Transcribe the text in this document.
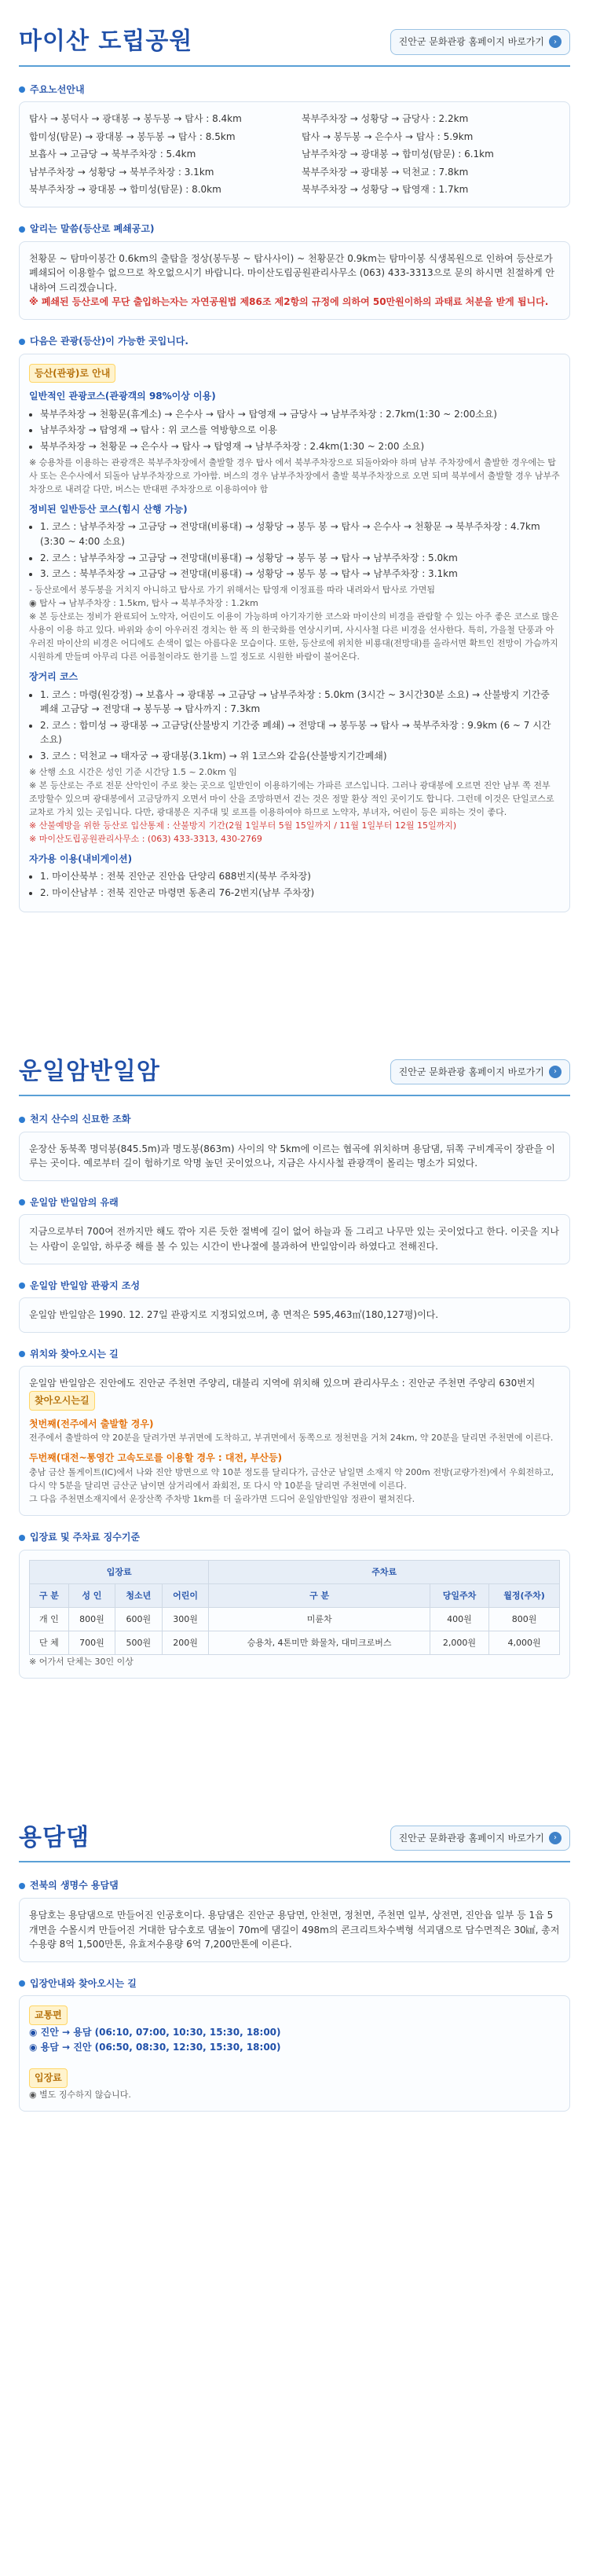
마이산 도립공원	진안군 문화관광 홈페이지 바로가기	›
주요노선안내
탑사 → 봉덕사 → 광대봉 → 봉두봉 → 탑사 : 8.4km	북부주차장 → 성황당 → 금당사 : 2.2km
합미성(탐문) → 광대봉 → 봉두봉 → 탑사 : 8.5km	탑사 → 봉두봉 → 은수사 → 탑사 : 5.9km
보흡사 → 고금당 → 북부주차장 : 5.4km	남부주차장 → 광대봉 → 합미성(탐문) : 6.1km
남부주차장 → 성황당 → 북부주차장 : 3.1km	북부주차장 → 광대봉 → 덕천교 : 7.8km
북부주차장 → 광대봉 → 합미성(탐문) : 8.0km	북부주차장 → 성황당 → 탑영재 : 1.7km
알리는 말씀(등산로 폐쇄공고)
천황문 ~ 탐마이봉간 0.6km의 출탑을 정상(봉두봉 ~ 탑사사이) ~ 천황문간 0.9km는 탐마이봉 식생복원으로 인하여 등산로가 폐쇄되어 이용할수 없으므로 착오없으시기 바랍니다. 마이산도립공원관리사무소 (063) 433-3313으로 문의 하시면 친절하게 안내하여 드리겠습니다.
※ 폐쇄된 등산로에 무단 출입하는자는 자연공원법 제86조 제2항의 규정에 의하여 50만원이하의 과태료 처분을 받게 됩니다.
다음은 관광(등산)이 가능한 곳입니다.
등산(관광)로 안내
일반적인 관광코스(관광객의 98%이상 이용)
• 북부주차장 → 천황문(휴게소) → 은수사 → 탑사 → 탑영재 → 금당사 → 남부주차장 : 2.7km(1:30 ~ 2:00소요)
• 남부주차장 → 탑영재 → 탑사 : 위 코스를 역방향으로 이용
• 북부주차장 → 천황문 → 은수사 → 탑사 → 탑영재 → 남부주차장 : 2.4km(1:30 ~ 2:00 소요)
※ 승용차를 이용하는 관광객은 북부주차장에서 출발할 경우 탑사 에서 북부주차장으로 되돌아와야 하며 남부 주차장에서 출발한 경우에는 탑사 또는 은수사에서 되돌아 남부주차장으로 가야함. 버스의 경우 남부주차장에서 출발 북부주차장으로 오면 되며 북부에서 출발할 경우 남부주차장으로 내려갈 다만, 버스는 반대편 주차장으로 이용하여야 함
정비된 일반등산 코스(힘시 산행 가능)
• 1. 코스 : 남부주차장 → 고금당 → 전망대(비룡대) → 성황당 → 봉두 봉 → 탑사 → 은수사 → 천황문 → 북부주차장 : 4.7km (3:30 ~ 4:00 소요)
• 2. 코스 : 남부주차장 → 고금당 → 전망대(비룡대) → 성황당 → 봉두 봉 → 탑사 → 남부주차장 : 5.0km
• 3. 코스 : 북부주차장 → 고금당 → 전망대(비룡대) → 성황당 → 봉두 봉 → 탑사 → 남부주차장 : 3.1km
- 등산로에서 봉두봉을 거치지 아니하고 탑사로 가기 위해서는 탐영재 이정표를 따라 내려와서 탑사로 가면됨
◉ 탑사 → 남부주차장 : 1.5km, 탑사 → 북부주차장 : 1.2km
※ 본 등산로는 정비가 완료되어 노약자, 어린이도 이용이 가능하며 아기자기한 코스와 마이산의 비경을 관람할 수 있는 아주 좋은 코스로 많은 사용이 이용 하고 있다. 바위와 송이 아우러진 경치는 한 폭 의 한국화를 연상시키며, 사시사철 다른 비경을 선사한다. 특히, 가을철 단풍과 아우러진 마이산의 비경은 어디에도 손색이 없는 아름다운 모습이다. 또한, 등산로에 위치한 비룡대(전망대)를 올라서면 확트인 전망이 가슴까지 시원하게 만들며 아무리 다른 어름철이라도 한기를 느낄 정도로 시원한 바람이 불어온다.
장거리 코스
• 1. 코스 : 마령(원강정) → 보흡사 → 광대봉 → 고금당 → 남부주차장 : 5.0km (3시간 ~ 3시간30분 소요) → 산불방지 기간중 폐쇄 고금당 → 전망대 → 봉두봉 → 탑사까지 : 7.3km
• 2. 코스 : 합미성 → 광대봉 → 고금당(산불방지 기간중 폐쇄) → 전망대 → 봉두봉 → 탑사 → 북부주차장 : 9.9km (6 ~ 7 시간 소요)
• 3. 코스 : 덕천교 → 태자궁 → 광대봉(3.1km) → 위 1코스와 같음(산불방지기간폐쇄)
※ 산행 소요 시간은 성인 기준 시간당 1.5 ~ 2.0km 임
※ 본 등산로는 주로 전문 산악인이 주로 찾는 곳으로 일반인이 이용하기에는 가파른 코스입니다. 그러나 광대봉에 오르면 진안 남부 쪽 전부 조망할수 있으며 광대봉에서 고금당까지 오면서 마이 산을 조망하면서 걷는 것은 정말 환상 적인 곳이기도 합니다. 그런데 이것은 단일코스로 교차로 가치 있는 곳입니다. 다만, 광대봉은 지주대 및 로프를 이용하여야 하므로 노약자, 부녀자, 어린이 등은 피하는 것이 좋다.
※ 산불예방을 위한 등산로 입산통제 : 산불방지 기간(2월 1일부터 5월 15일까지 / 11월 1일부터 12월 15일까지)
※ 마이산도립공원관리사무소 : (063) 433-3313, 430-2769
자가용 이용(내비게이션)
• 1. 마이산북부 : 전북 진안군 진안읍 단양리 688번지(북부 주차장)
• 2. 마이산남부 : 전북 진안군 마령면 동촌리 76-2번지(남부 주차장)
운일암반일암	진안군 문화관광 홈페이지 바로가기	›
천지 산수의 신묘한 조화
운장산 동북쪽 명덕봉(845.5m)과 명도봉(863m) 사이의 약 5km에 이르는 협곡에 위치하며 용담댐, 뒤쪽 구비계곡이 장관을 이루는 곳이다. 예로부터 길이 험하기로 악명 높던 곳이었으나, 지금은 사시사철 관광객이 몰리는 명소가 되었다.
운일암 반일암의 유래
지금으로부터 700여 전까지만 해도 깎아 지른 듯한 절벽에 길이 없어 하늘과 돌 그리고 나무만 있는 곳이었다고 한다. 이곳을 지나는 사람이 운일암, 하루중 해를 볼 수 있는 시간이 반나절에 불과하여 반일암이라 하였다고 전해진다.
운일암 반일암 관광지 조성
운일암 반일암은 1990. 12. 27일 관광지로 지정되었으며, 총 면적은 595,463㎡(180,127평)이다.
위치와 찾아오시는 길
운일암 반일암은 진안에도 진안군 주천면 주양리, 대불리 지역에 위치해 있으며 관리사무소 : 진안군 주천면 주양리 630번지
찾아오시는길
첫번째(전주에서 출발할 경우)
전주에서 출발하여 약 20분을 달려가면 부귀면에 도착하고, 부귀면에서 동쪽으로 정천면을 거쳐 24km, 약 20분을 달리면 주천면에 이른다.
두번째(대전~통영간 고속도로를 이용할 경우 : 대전, 부산등)
충남 금산 톨게이트(IC)에서 나와 진안 방면으로 약 10분 정도를 달리다가, 금산군 남일면 소재지 약 200m 전방(교량가전)에서 우회전하고, 다시 약 5분을 달리면 금산군 남이면 삼거리에서 좌회전, 또 다시 약 10분을 달리면 주천면에 이른다.
그 다음 주천면소재지에서 운장산쪽 주차방 1km를 더 올라가면 드디어 운일암반일암 정관이 펼쳐진다.
입장료 및 주차료 징수기준
입장료				주차료		
구 분	성 인	청소년	어린이	구 분	당일주차	월정(주차)
개 인	800원	600원	300원	미륜차	400원	800원
단 체	700원	500원	200원	승용차, 4톤미만 화물차, 대미크로버스	2,000원	4,000원
※ 어가서 단체는 30인 이상
용담댐	진안군 문화관광 홈페이지 바로가기	›
전북의 생명수 용담댐
용담호는 용담댐으로 만들어진 인공호이다. 용담댐은 진안군 용담면, 안천면, 정천면, 주천면 일부, 상전면, 진안읍 일부 등 1읍 5개면을 수몰시켜 만들어진 거대한 담수호로 댐높이 70m에 댐길이 498m의 콘크리트차수벽형 석괴댐으로 담수면적은 30㎢, 총저수용량 8억 1,500만톤, 유효저수용량 6억 7,200만톤에 이른다.
입장안내와 찾아오시는 길
교통편
◉ 진안 → 용담 (06:10, 07:00, 10:30, 15:30, 18:00)
◉ 용담 → 진안 (06:50, 08:30, 12:30, 15:30, 18:00)
입장료
◉ 별도 징수하지 않습니다.
